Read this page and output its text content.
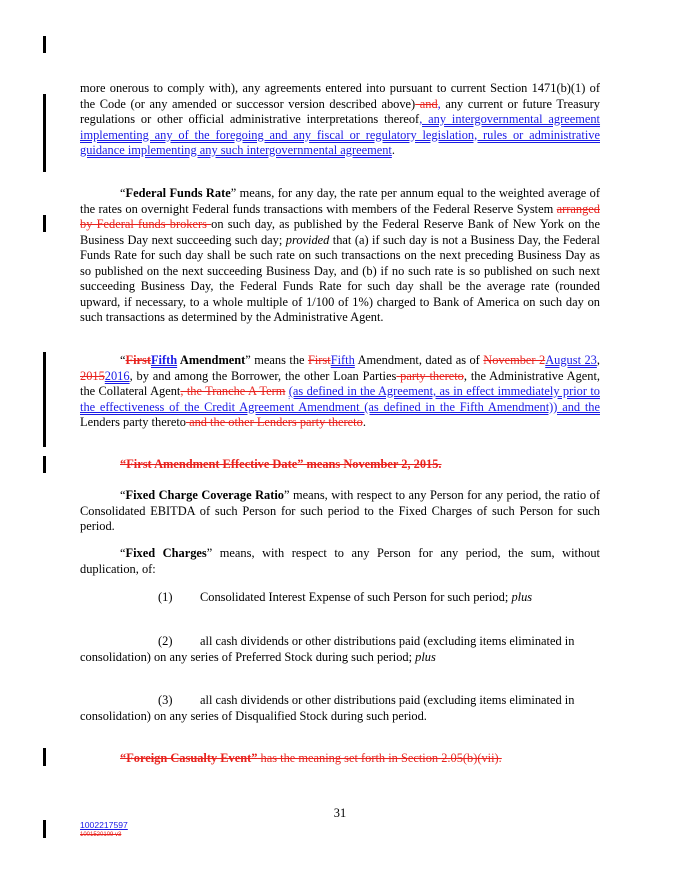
more onerous to comply with), any agreements entered into pursuant to current Section 1471(b)(1) of the Code (or any amended or successor version described above) and, any current or future Treasury regulations or other official administrative interpretations thereof, any intergovernmental agreement implementing any of the foregoing and any fiscal or regulatory legislation, rules or administrative guidance implementing any such intergovernmental agreement.

“Federal Funds Rate” means, for any day, the rate per annum equal to the weighted average of the rates on overnight Federal funds transactions with members of the Federal Reserve System arranged by Federal funds brokers on such day, as published by the Federal Reserve Bank of New York on the Business Day next succeeding such day; provided that (a) if such day is not a Business Day, the Federal Funds Rate for such day shall be such rate on such transactions on the next preceding Business Day as so published on the next succeeding Business Day, and (b) if no such rate is so published on such next succeeding Business Day, the Federal Funds Rate for such day shall be the average rate (rounded upward, if necessary, to a whole multiple of 1/100 of 1%) charged to Bank of America on such day on such transactions as determined by the Administrative Agent.

“FirstFifth Amendment” means the FirstFifth Amendment, dated as of November 2August 23, 20152016, by and among the Borrower, the other Loan Parties party thereto, the Administrative Agent, the Collateral Agent, the Tranche A Term (as defined in the Agreement, as in effect immediately prior to the effectiveness of the Credit Agreement Amendment (as defined in the Fifth Amendment)) and the Lenders party thereto and the other Lenders party thereto.

“First Amendment Effective Date” means November 2, 2015.

“Fixed Charge Coverage Ratio” means, with respect to any Person for any period, the ratio of Consolidated EBITDA of such Person for such period to the Fixed Charges of such Person for such period.

“Fixed Charges” means, with respect to any Person for any period, the sum, without duplication, of:

(1)	Consolidated Interest Expense of such Person for such period; plus
(2)	all cash dividends or other distributions paid (excluding items eliminated in consolidation) on any series of Preferred Stock during such period; plus
(3)	all cash dividends or other distributions paid (excluding items eliminated in consolidation) on any series of Disqualified Stock during such period.

“Foreign Casualty Event” has the meaning set forth in Section 2.05(b)(vii).

31
1002217597
1001520109 v3
